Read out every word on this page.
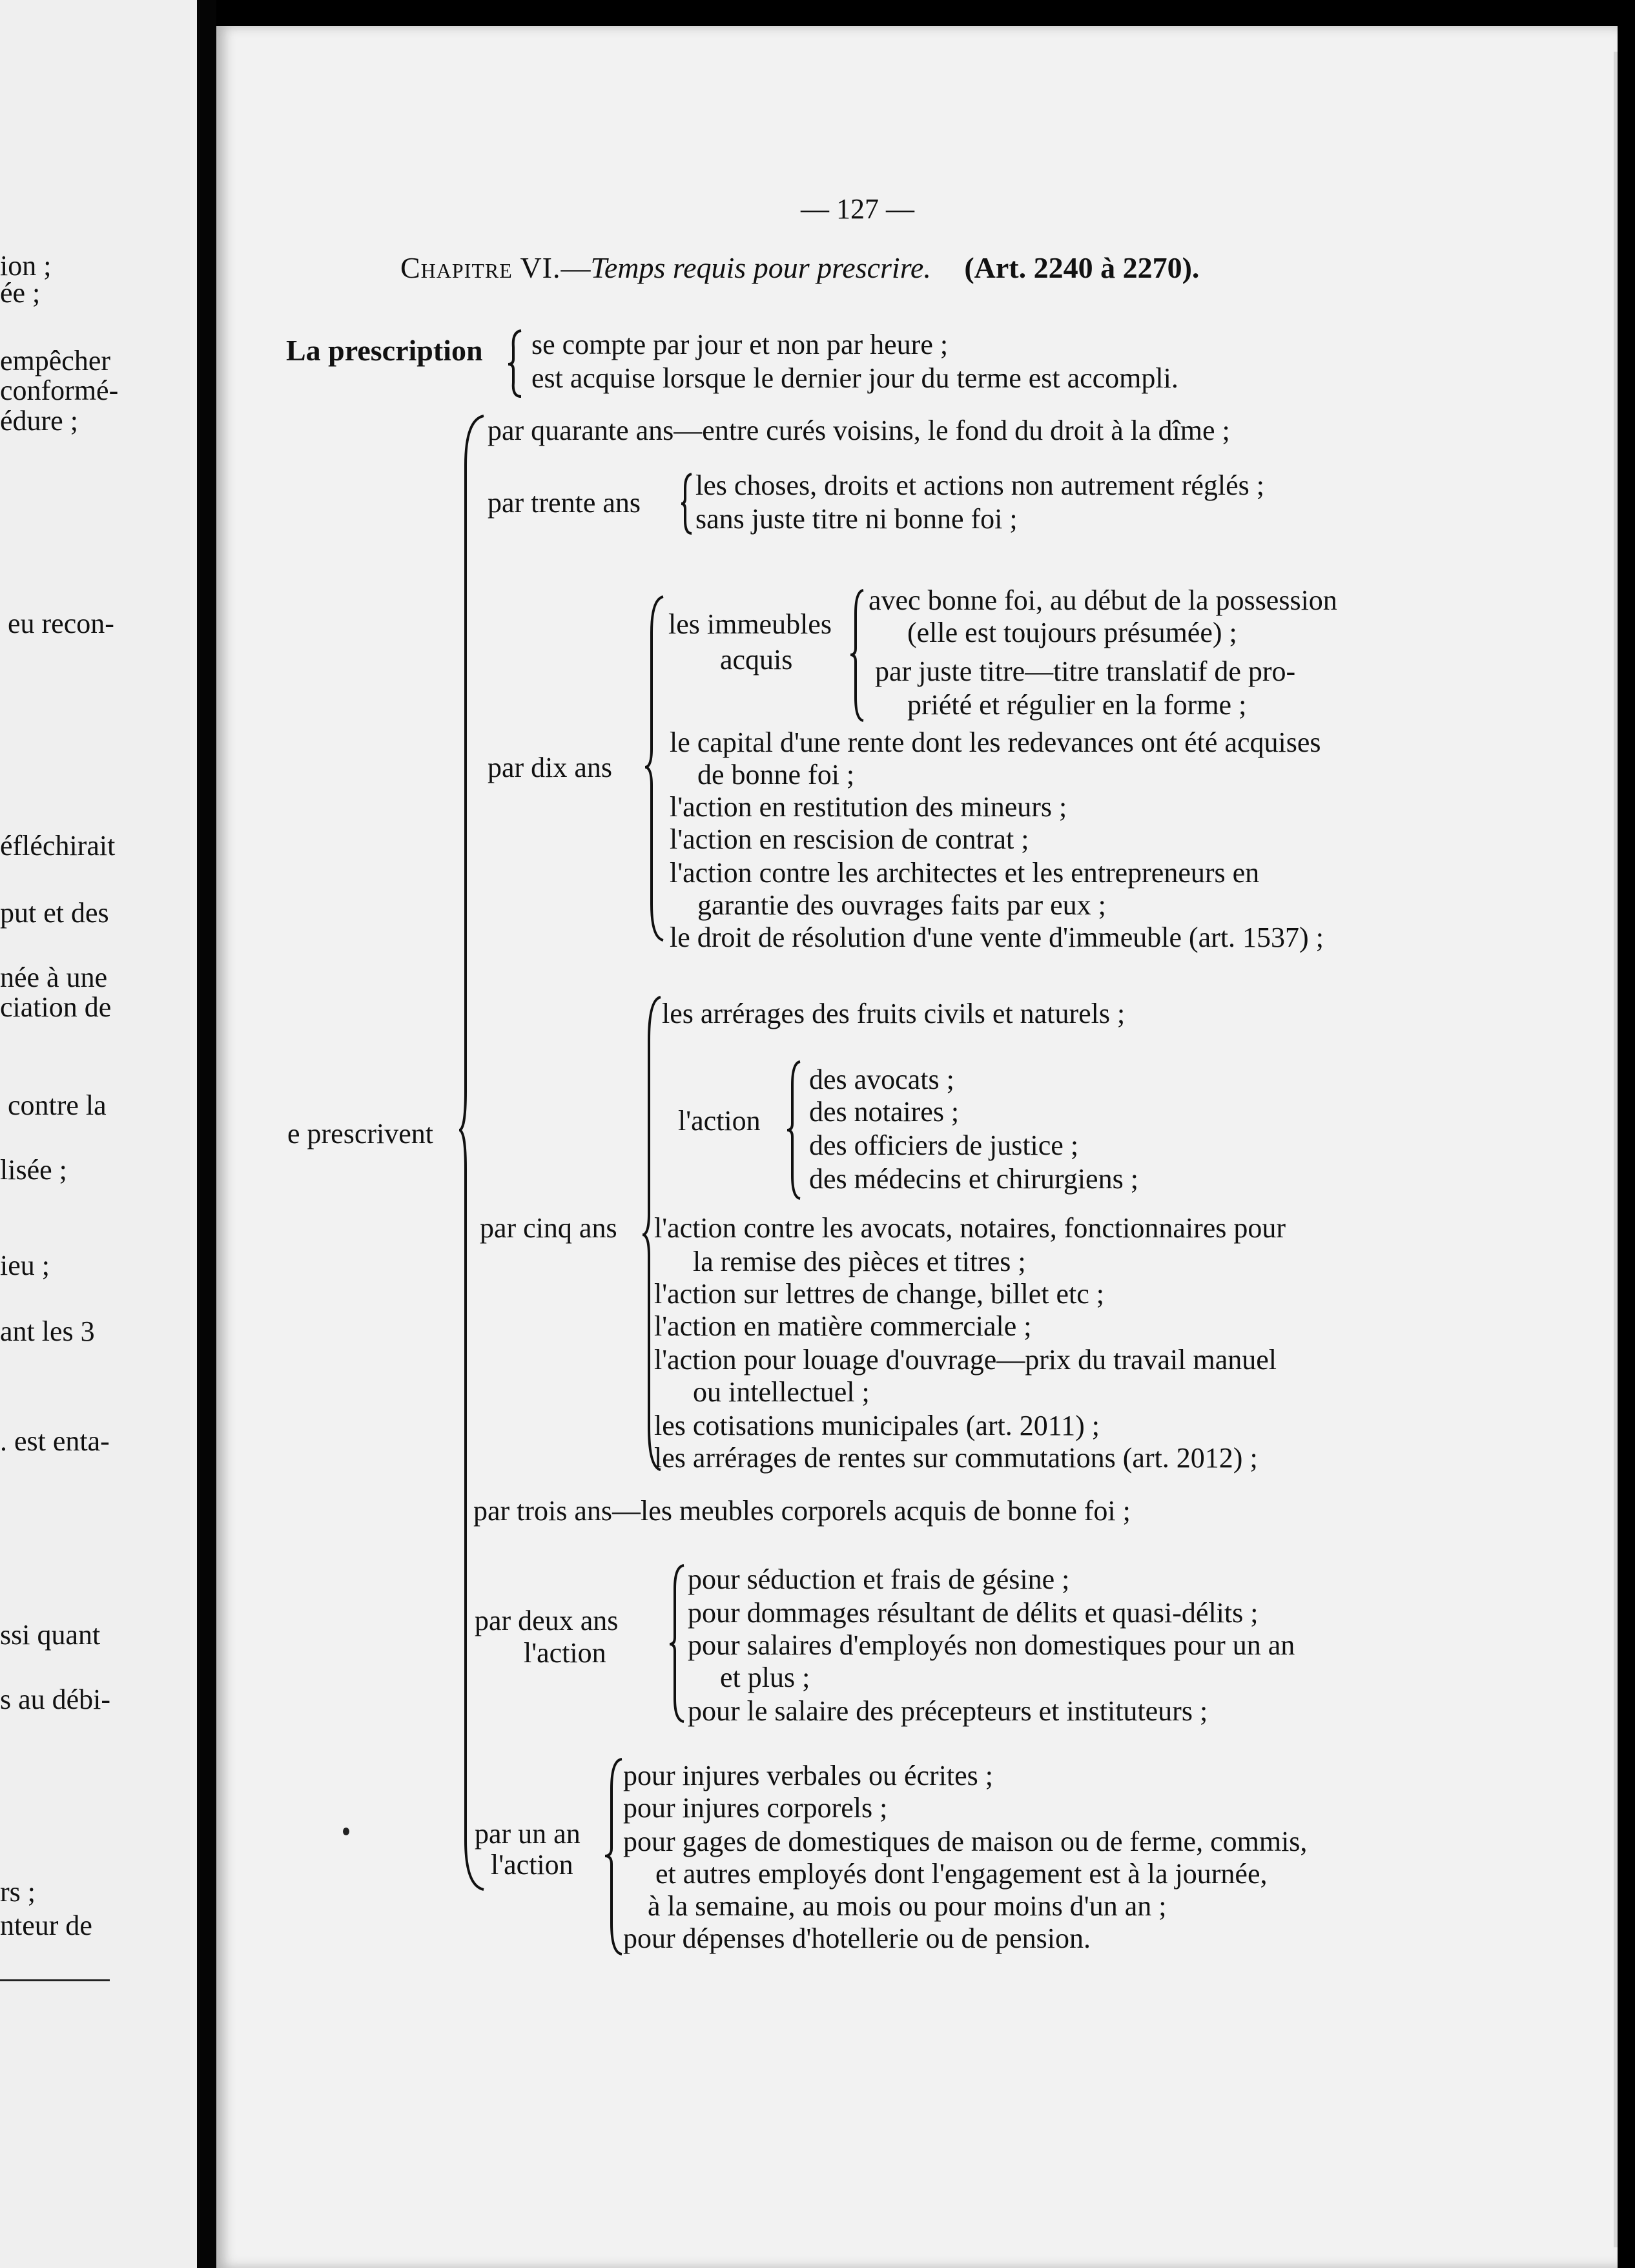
ion ;
ée ;
empêcher
conformé-
édure ;
eu recon-
éfléchirait
put et des
née à une
ciation de
contre la
lisée ;
ieu ;
ant les 3
. est enta-
ssi quant
s au débi-
rs ;
nteur de
— 127 —
Chapitre VI.—Temps requis pour prescrire. (Art. 2240 à 2270).
La prescription se compte par jour et non par heure ;
est acquise lorsque le dernier jour du terme est accompli.
e prescrivent
par quarante ans—entre curés voisins, le fond du droit à la dîme ;
par trente ans
les choses, droits et actions non autrement réglés ;
sans juste titre ni bonne foi ;
par dix ans
les immeubles
acquis
avec bonne foi, au début de la possession
(elle est toujours présumée) ;
par juste titre—titre translatif de pro-
priété et régulier en la forme ;
le capital d'une rente dont les redevances ont été acquises
de bonne foi ;
l'action en restitution des mineurs ;
l'action en rescision de contrat ;
l'action contre les architectes et les entrepreneurs en
garantie des ouvrages faits par eux ;
le droit de résolution d'une vente d'immeuble (art. 1537) ;
par cinq ans
les arrérages des fruits civils et naturels ;
l'action
des avocats ;
des notaires ;
des officiers de justice ;
des médecins et chirurgiens ;
l'action contre les avocats, notaires, fonctionnaires pour
la remise des pièces et titres ;
l'action sur lettres de change, billet etc ;
l'action en matière commerciale ;
l'action pour louage d'ouvrage—prix du travail manuel
ou intellectuel ;
les cotisations municipales (art. 2011) ;
les arrérages de rentes sur commutations (art. 2012) ;
par trois ans—les meubles corporels acquis de bonne foi ;
par deux ans
l'action
pour séduction et frais de gésine ;
pour dommages résultant de délits et quasi-délits ;
pour salaires d'employés non domestiques pour un an
et plus ;
pour le salaire des précepteurs et instituteurs ;
par un an
l'action
pour injures verbales ou écrites ;
pour injures corporels ;
pour gages de domestiques de maison ou de ferme, commis,
et autres employés dont l'engagement est à la journée,
à la semaine, au mois ou pour moins d'un an ;
pour dépenses d'hotellerie ou de pension.
